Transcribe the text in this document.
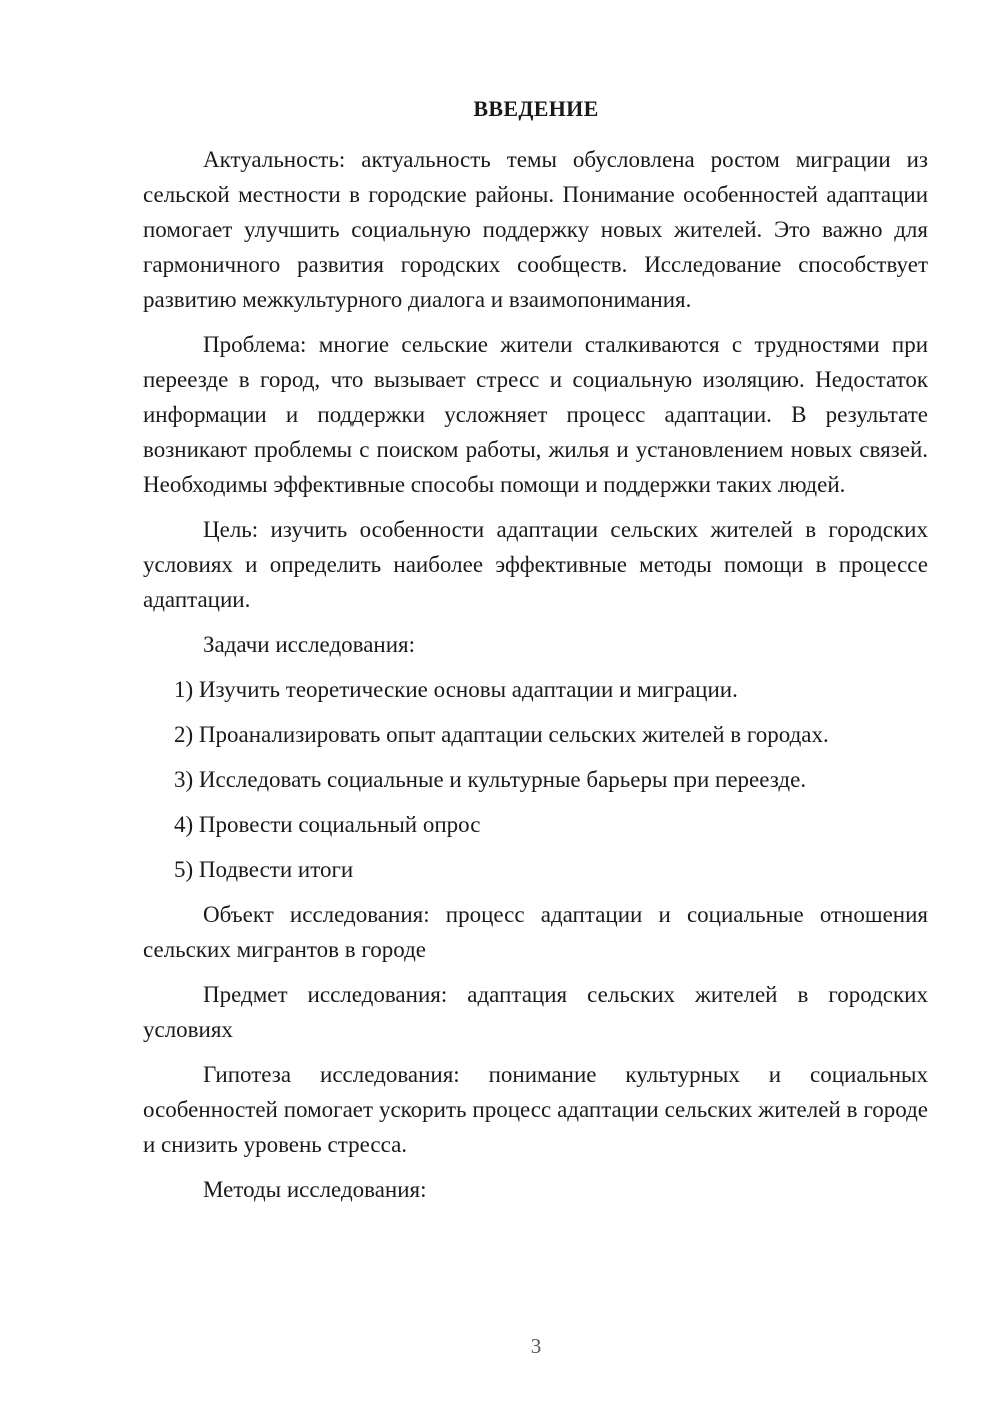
ВВЕДЕНИЕ

Актуальность: актуальность темы обусловлена ростом миграции из сельской местности в городские районы. Понимание особенностей адаптации помогает улучшить социальную поддержку новых жителей. Это важно для гармоничного развития городских сообществ. Исследование способствует развитию межкультурного диалога и взаимопонимания.

Проблема: многие сельские жители сталкиваются с трудностями при переезде в город, что вызывает стресс и социальную изоляцию. Недостаток информации и поддержки усложняет процесс адаптации. В результате возникают проблемы с поиском работы, жилья и установлением новых связей. Необходимы эффективные способы помощи и поддержки таких людей.

Цель: изучить особенности адаптации сельских жителей в городских условиях и определить наиболее эффективные методы помощи в процессе адаптации.

Задачи исследования:

1) Изучить теоретические основы адаптации и миграции.

2) Проанализировать опыт адаптации сельских жителей в городах.

3) Исследовать социальные и культурные барьеры при переезде.

4) Провести социальный опрос

5) Подвести итоги

Объект исследования: процесс адаптации и социальные отношения сельских мигрантов в городе

Предмет исследования: адаптация сельских жителей в городских условиях

Гипотеза исследования: понимание культурных и социальных особенностей помогает ускорить процесс адаптации сельских жителей в городе и снизить уровень стресса.

Методы исследования:

3
